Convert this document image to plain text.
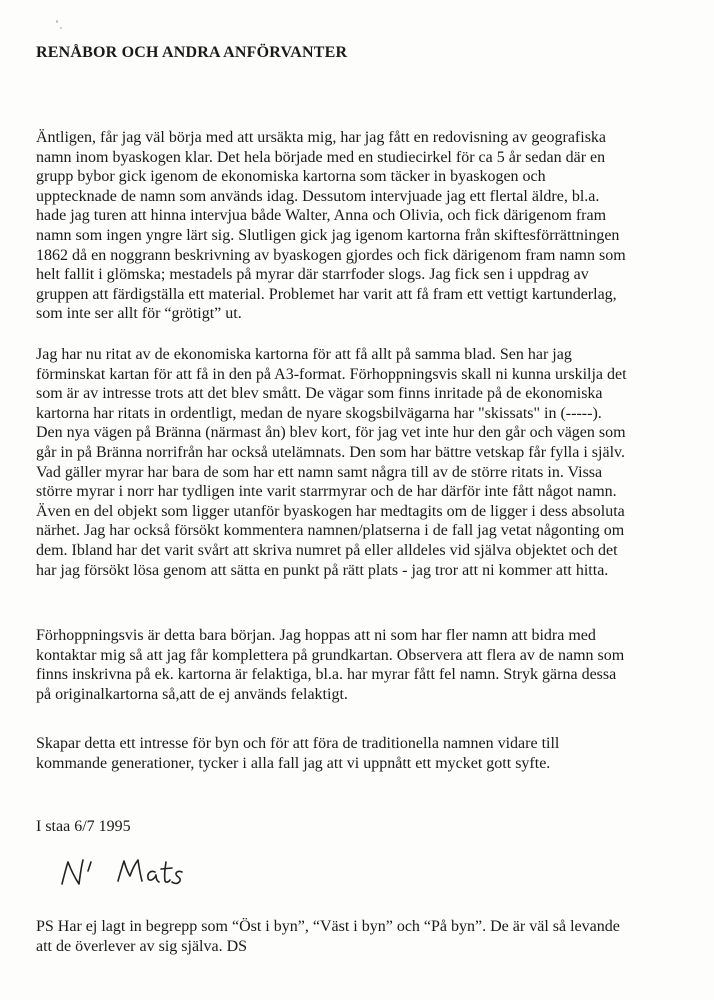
RENÅBOR OCH ANDRA ANFÖRVANTER

Äntligen, får jag väl börja med att ursäkta mig, har jag fått en redovisning av geografiska
namn inom byaskogen klar. Det hela började med en studiecirkel för ca 5 år sedan där en
grupp bybor gick igenom de ekonomiska kartorna som täcker in byaskogen och
upptecknade de namn som används idag. Dessutom intervjuade jag ett flertal äldre, bl.a.
hade jag turen att hinna intervjua både Walter, Anna och Olivia, och fick därigenom fram
namn som ingen yngre lärt sig. Slutligen gick jag igenom kartorna från skiftesförrättningen
1862 då en noggrann beskrivning av byaskogen gjordes och fick därigenom fram namn som
helt fallit i glömska; mestadels på myrar där starrfoder slogs. Jag fick sen i uppdrag av
gruppen att färdigställa ett material. Problemet har varit att få fram ett vettigt kartunderlag,
som inte ser allt för “grötigt” ut.

Jag har nu ritat av de ekonomiska kartorna för att få allt på samma blad. Sen har jag
förminskat kartan för att få in den på A3-format. Förhoppningsvis skall ni kunna urskilja det
som är av intresse trots att det blev smått. De vägar som finns inritade på de ekonomiska
kartorna har ritats in ordentligt, medan de nyare skogsbilvägarna har "skissats" in (-----).
Den nya vägen på Bränna (närmast ån) blev kort, för jag vet inte hur den går och vägen som
går in på Bränna norrifrån har också utelämnats. Den som har bättre vetskap får fylla i själv.
Vad gäller myrar har bara de som har ett namn samt några till av de större ritats in. Vissa
större myrar i norr har tydligen inte varit starrmyrar och de har därför inte fått något namn.
Även en del objekt som ligger utanför byaskogen har medtagits om de ligger i dess absoluta
närhet. Jag har också försökt kommentera namnen/platserna i de fall jag vetat någonting om
dem. Ibland har det varit svårt att skriva numret på eller alldeles vid själva objektet och det
har jag försökt lösa genom att sätta en punkt på rätt plats - jag tror att ni kommer att hitta.

Förhoppningsvis är detta bara början. Jag hoppas att ni som har fler namn att bidra med
kontaktar mig så att jag får komplettera på grundkartan. Observera att flera av de namn som
finns inskrivna på ek. kartorna är felaktiga, bl.a. har myrar fått fel namn. Stryk gärna dessa
på originalkartorna så,att de ej används felaktigt.

Skapar detta ett intresse för byn och för att föra de traditionella namnen vidare till
kommande generationer, tycker i alla fall jag att vi uppnått ett mycket gott syfte.

I staa 6/7 1995

PS Har ej lagt in begrepp som “Öst i byn”, “Väst i byn” och “På byn”. De är väl så levande
att de överlever av sig själva. DS
